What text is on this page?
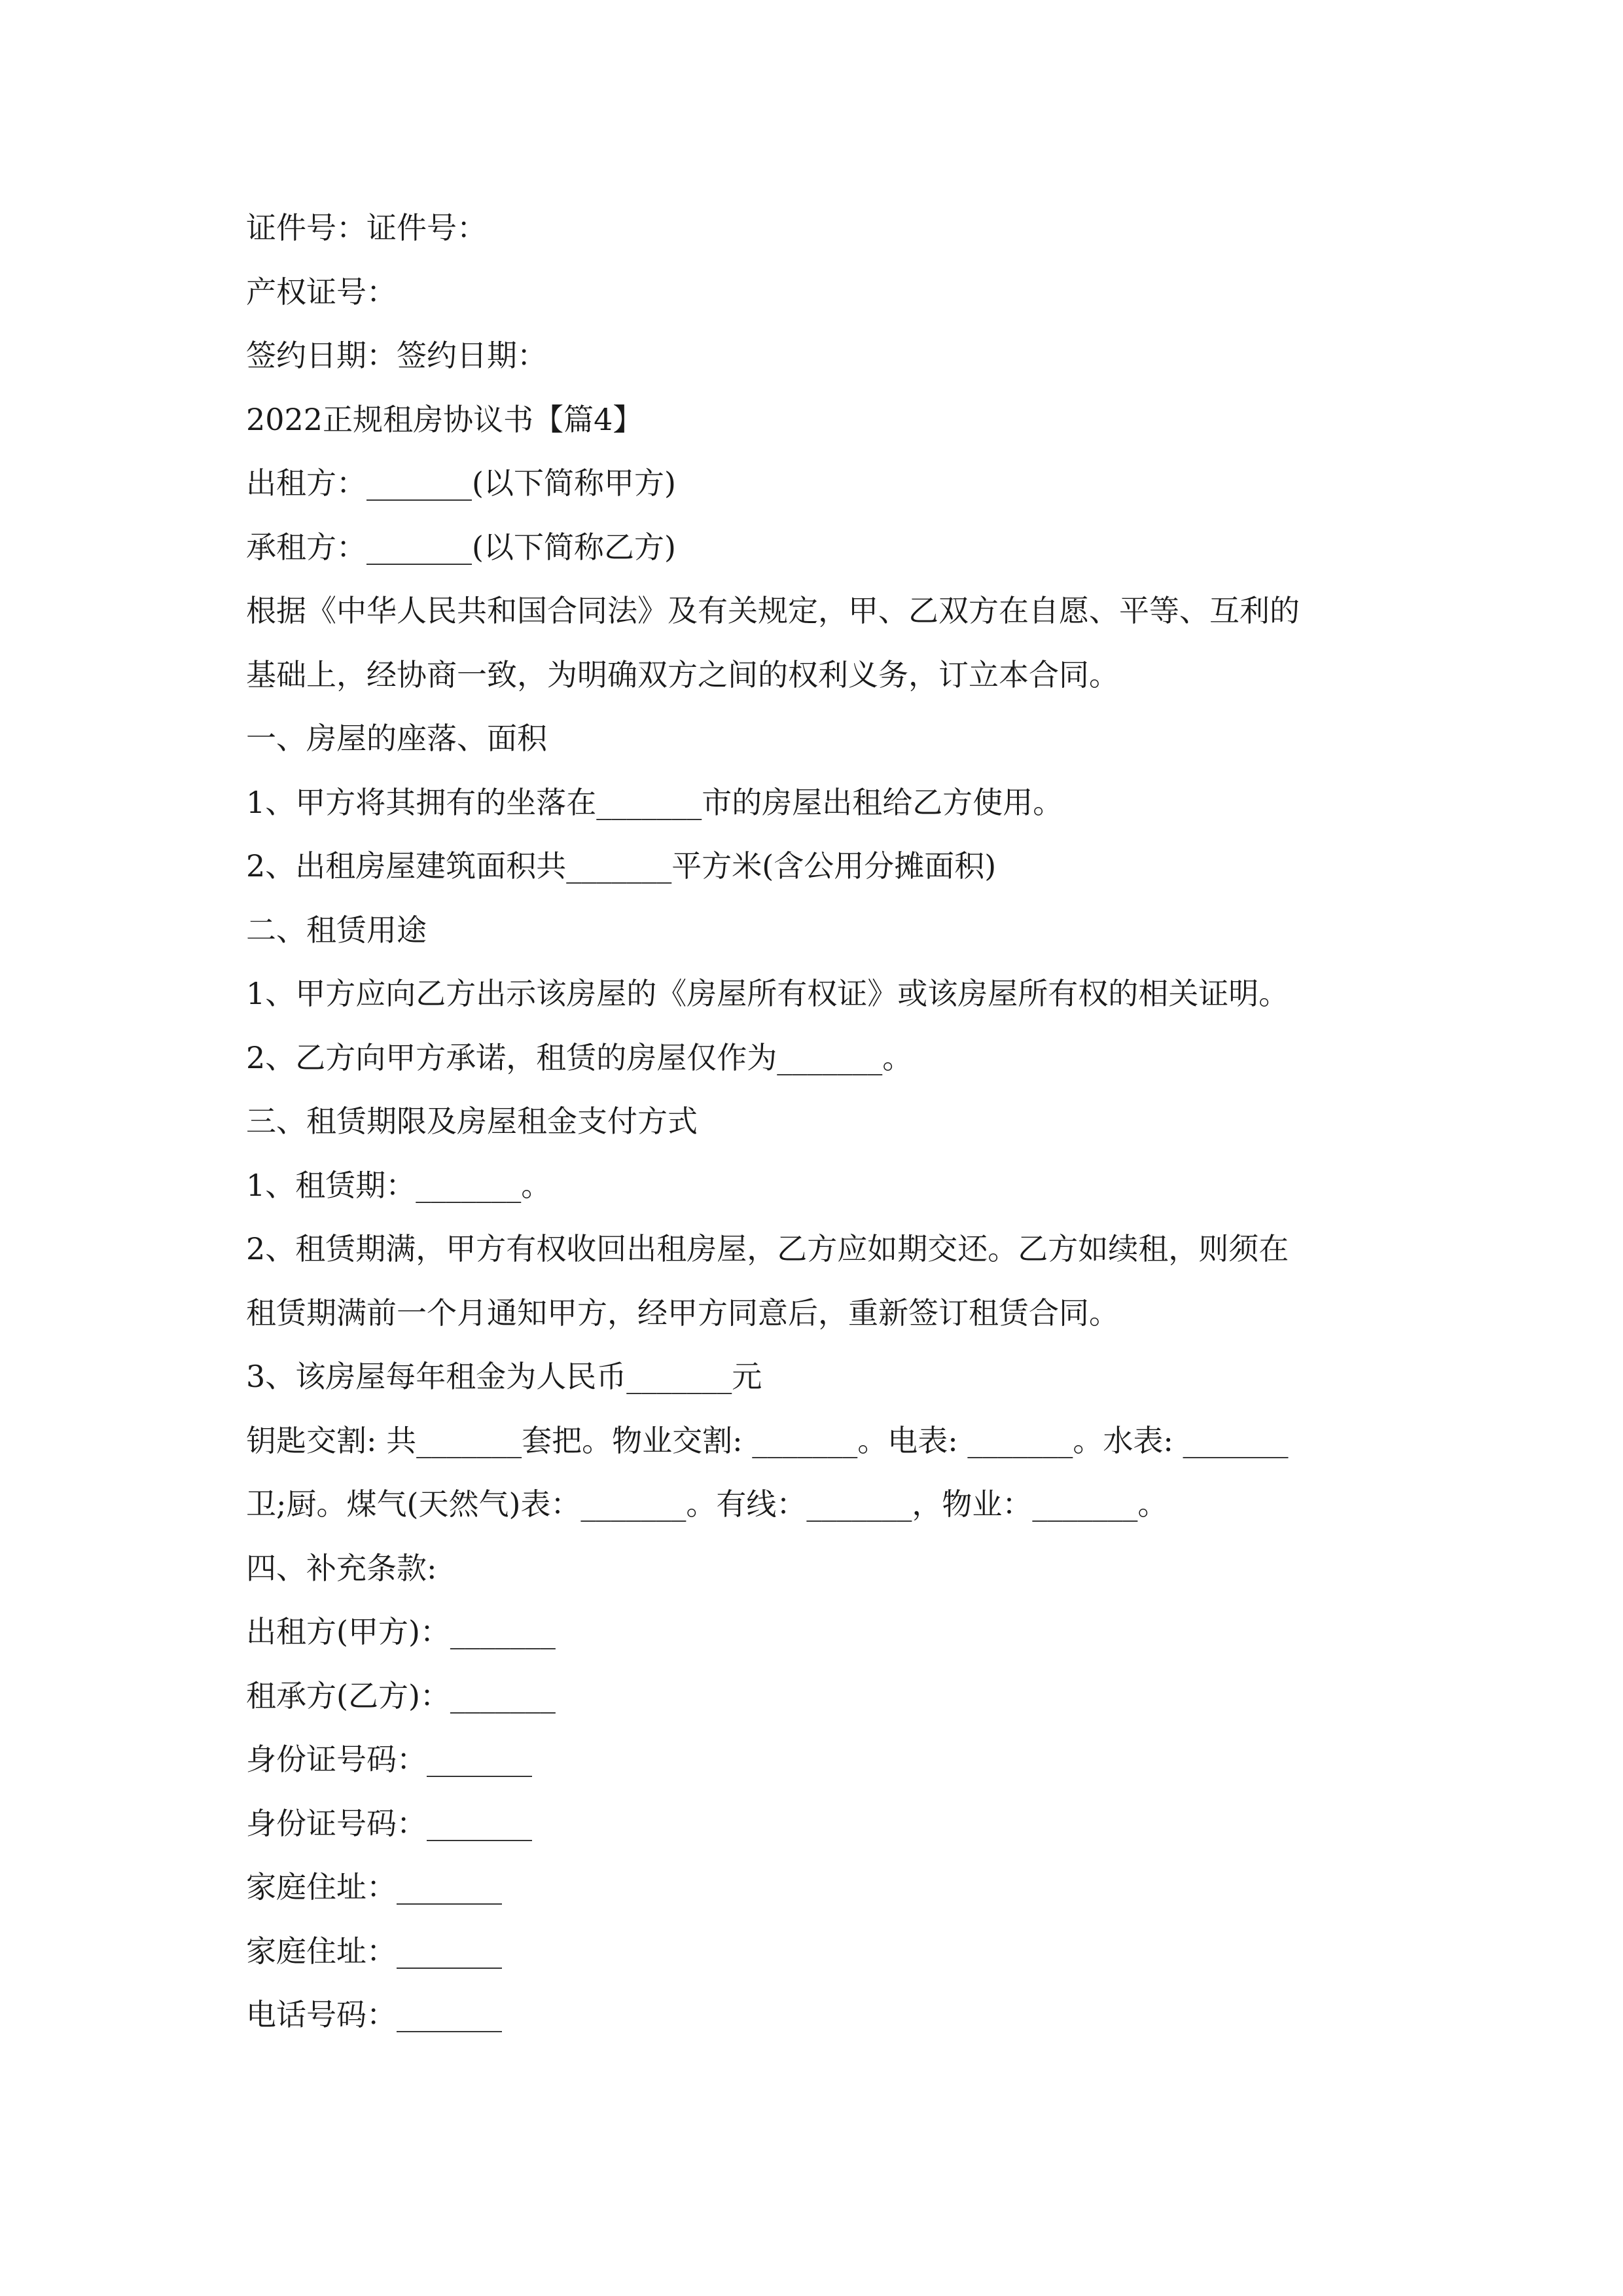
证件号：证件号：
产权证号：
签约日期：签约日期：
2022正规租房协议书【篇4】
出租方：_______(以下简称甲方)
承租方：_______(以下简称乙方)
根据《中华人民共和国合同法》及有关规定，甲、乙双方在自愿、平等、互利的
基础上，经协商一致，为明确双方之间的权利义务，订立本合同。
一、房屋的座落、面积
1、甲方将其拥有的坐落在_______市的房屋出租给乙方使用。
2、出租房屋建筑面积共_______平方米(含公用分摊面积)
二、租赁用途
1、甲方应向乙方出示该房屋的《房屋所有权证》或该房屋所有权的相关证明。
2、乙方向甲方承诺，租赁的房屋仅作为_______。
三、租赁期限及房屋租金支付方式
1、租赁期：_______。
2、租赁期满，甲方有权收回出租房屋，乙方应如期交还。乙方如续租，则须在
租赁期满前一个月通知甲方，经甲方同意后，重新签订租赁合同。
3、该房屋每年租金为人民币_______元
钥匙交割: 共_______套把。物业交割: _______。电表: _______。水表: _______
卫;厨。煤气(天然气)表：_______。有线：_______，物业：_______。
四、补充条款:
出租方(甲方)：_______
租承方(乙方)：_______
身份证号码：_______
身份证号码：_______
家庭住址：_______
家庭住址：_______
电话号码：_______
